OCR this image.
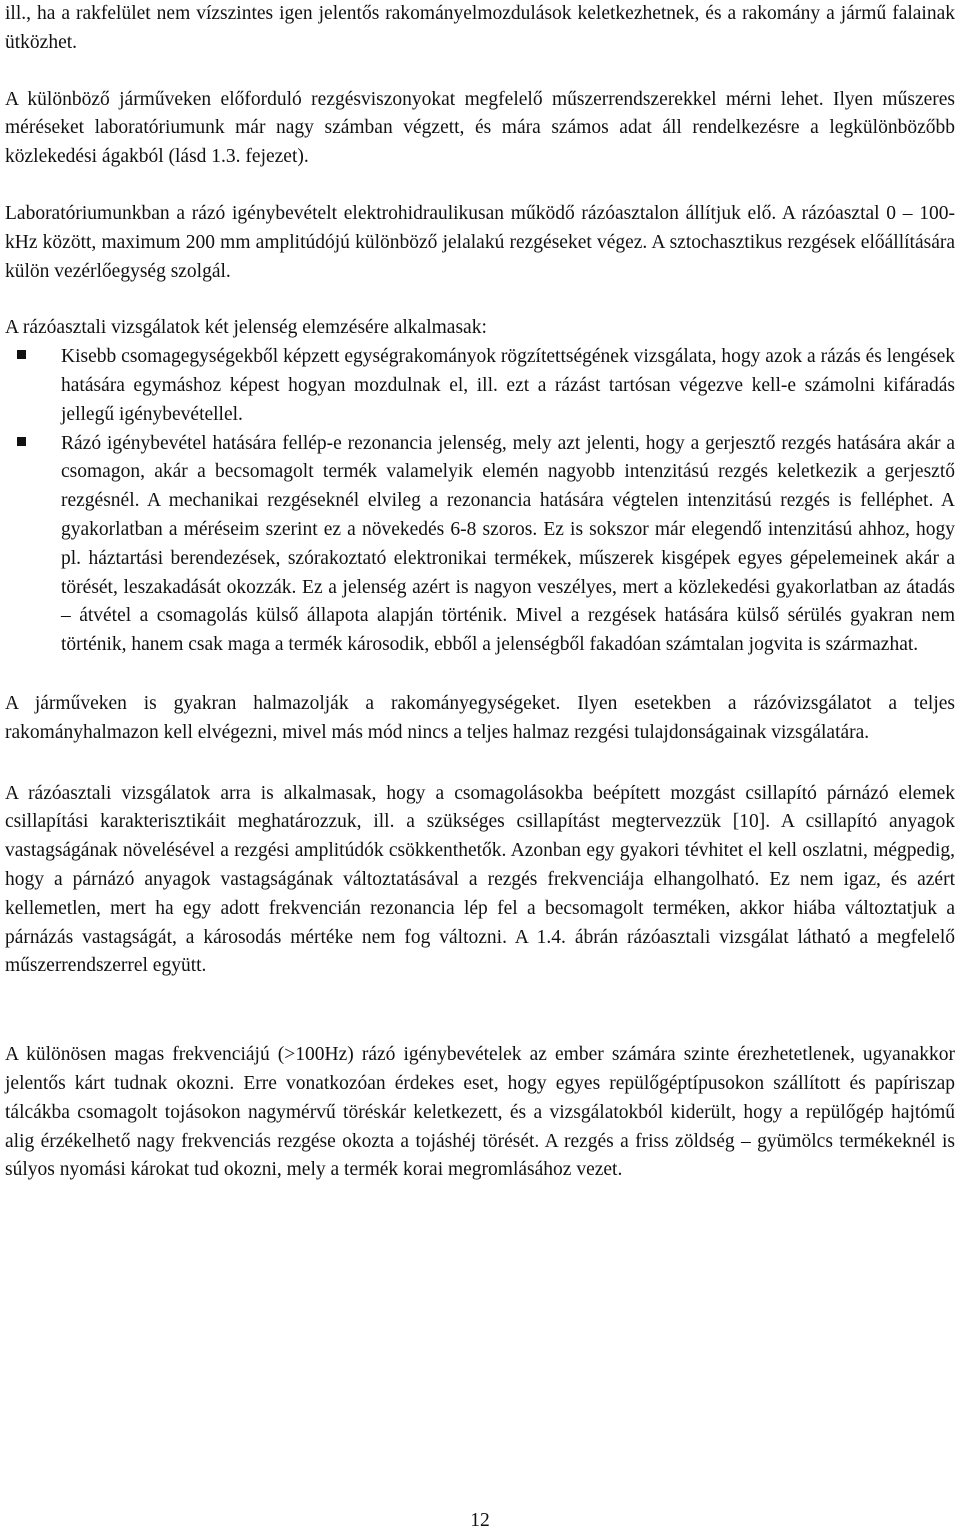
ill., ha a rakfelület nem vízszintes igen jelentős rakományelmozdulások keletkezhetnek, és a rakomány a jármű falainak ütközhet.

A különböző járműveken előforduló rezgésviszonyokat megfelelő műszerrendszerekkel mérni lehet. Ilyen műszeres méréseket laboratóriumunk már nagy számban végzett, és mára számos adat áll rendelkezésre a legkülönbözőbb közlekedési ágakból (lásd 1.3. fejezet).

Laboratóriumunkban a rázó igénybevételt elektrohidraulikusan működő rázóasztalon állítjuk elő. A rázóasztal 0 – 100- kHz között, maximum 200 mm amplitúdójú különböző jelalakú rezgéseket végez. A sztochasztikus rezgések előállítására külön vezérlőegység szolgál.

A rázóasztali vizsgálatok két jelenség elemzésére alkalmasak:

Kisebb csomagegységekből képzett egységrakományok rögzítettségének vizsgálata, hogy azok a rázás és lengések hatására egymáshoz képest hogyan mozdulnak el, ill. ezt a rázást tartósan végezve kell-e számolni kifáradás jellegű igénybevétellel.
Rázó igénybevétel hatására fellép-e rezonancia jelenség, mely azt jelenti, hogy a gerjesztő rezgés hatására akár a csomagon, akár a becsomagolt termék valamelyik elemén nagyobb intenzitású rezgés keletkezik a gerjesztő rezgésnél. A mechanikai rezgéseknél elvileg a rezonancia hatására végtelen intenzitású rezgés is felléphet. A gyakorlatban a méréseim szerint ez a növekedés 6-8 szoros. Ez is sokszor már elegendő intenzitású ahhoz, hogy pl. háztartási berendezések, szórakoztató elektronikai termékek, műszerek kisgépek egyes gépelemeinek akár a törését, leszakadását okozzák. Ez a jelenség azért is nagyon veszélyes, mert a közlekedési gyakorlatban az átadás – átvétel a csomagolás külső állapota alapján történik. Mivel a rezgések hatására külső sérülés gyakran nem történik, hanem csak maga a termék károsodik, ebből a jelenségből fakadóan számtalan jogvita is származhat.

A járműveken is gyakran halmazolják a rakományegységeket. Ilyen esetekben a rázóvizsgálatot a teljes rakományhalmazon kell elvégezni, mivel más mód nincs a teljes halmaz rezgési tulajdonságainak vizsgálatára.

A rázóasztali vizsgálatok arra is alkalmasak, hogy a csomagolásokba beépített mozgást csillapító párnázó elemek csillapítási karakterisztikáit meghatározzuk, ill. a szükséges csillapítást megtervezzük [10]. A csillapító anyagok vastagságának növelésével a rezgési amplitúdók csökkenthetők. Azonban egy gyakori tévhitet el kell oszlatni, mégpedig, hogy a párnázó anyagok vastagságának változtatásával a rezgés frekvenciája elhangolható. Ez nem igaz, és azért kellemetlen, mert ha egy adott frekvencián rezonancia lép fel a becsomagolt terméken, akkor hiába változtatjuk a párnázás vastagságát, a károsodás mértéke nem fog változni. A 1.4. ábrán rázóasztali vizsgálat látható a megfelelő műszerrendszerrel együtt.

A különösen magas frekvenciájú (>100Hz) rázó igénybevételek az ember számára szinte érezhetetlenek, ugyanakkor jelentős kárt tudnak okozni. Erre vonatkozóan érdekes eset, hogy egyes repülőgéptípusokon szállított és papíriszap tálcákba csomagolt tojásokon nagymérvű töréskár keletkezett, és a vizsgálatokból kiderült, hogy a repülőgép hajtómű alig érzékelhető nagy frekvenciás rezgése okozta a tojáshéj törését. A rezgés a friss zöldség – gyümölcs termékeknél is súlyos nyomási károkat tud okozni, mely a termék korai megromlásához vezet.

12
